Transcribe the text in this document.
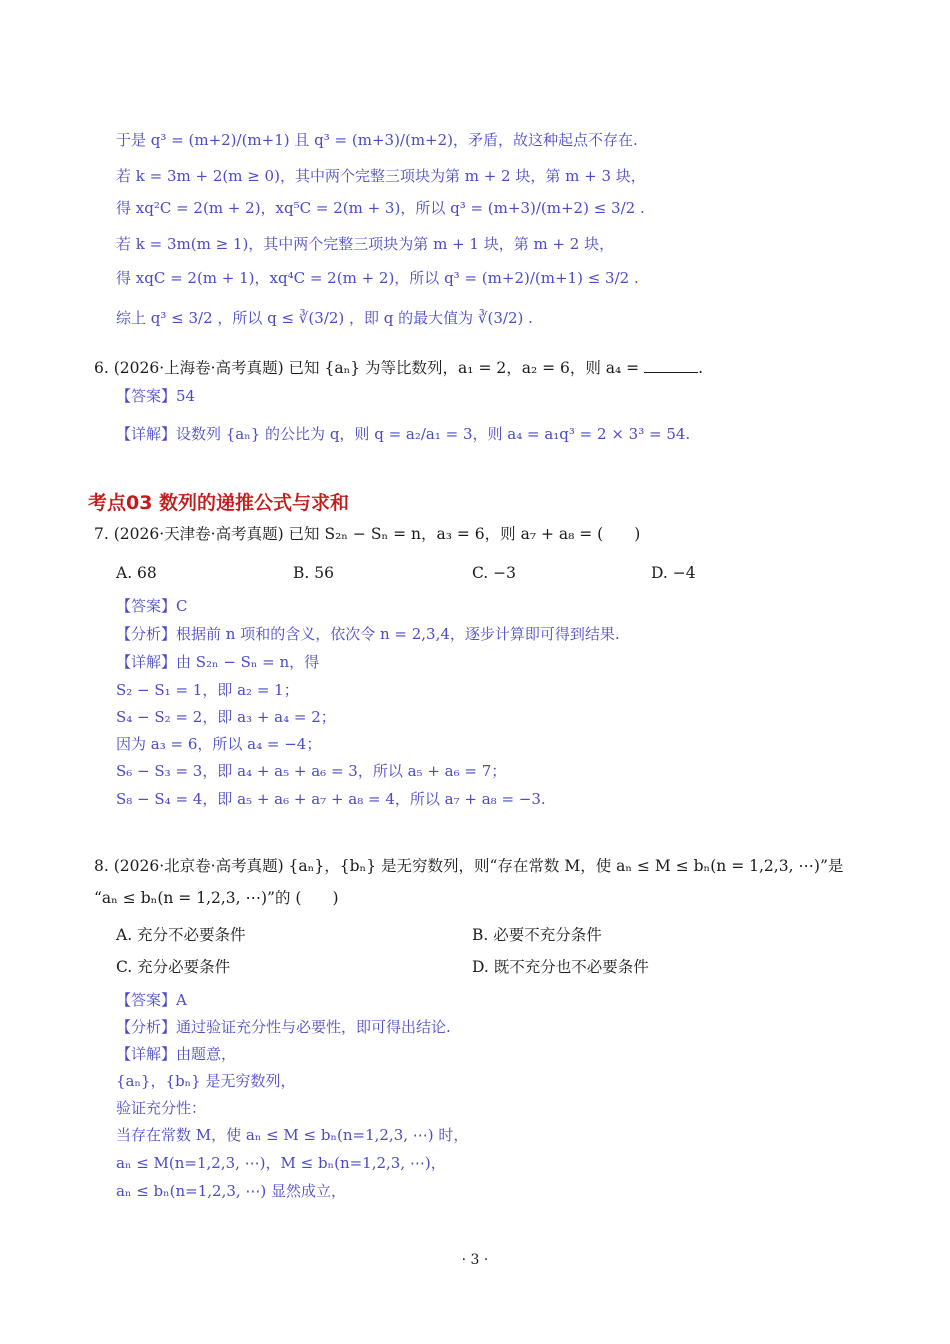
于是 q³ = (m+2)/(m+1) 且 q³ = (m+3)/(m+2)，矛盾，故这种起点不存在.
若 k = 3m + 2(m ≥ 0)，其中两个完整三项块为第 m + 2 块，第 m + 3 块，
得 xq²C = 2(m + 2)，xq⁵C = 2(m + 3)，所以 q³ = (m+3)/(m+2) ≤ 3/2 .
若 k = 3m(m ≥ 1)，其中两个完整三项块为第 m + 1 块，第 m + 2 块，
得 xqC = 2(m + 1)，xq⁴C = 2(m + 2)，所以 q³ = (m+2)/(m+1) ≤ 3/2 .
综上 q³ ≤ 3/2 ，所以 q ≤ ∛(3/2) ，即 q 的最大值为 ∛(3/2) .
6. (2026·上海卷·高考真题) 已知 {aₙ} 为等比数列，a₁ = 2，a₂ = 6，则 a₄ =	.
【答案】54
【详解】设数列 {aₙ} 的公比为 q，则 q = a₂/a₁ = 3，则 a₄ = a₁q³ = 2 × 3³ = 54.
考点03 数列的递推公式与求和
7. (2026·天津卷·高考真题) 已知 S₂ₙ − Sₙ = n，a₃ = 6，则 a₇ + a₈ = (　　)
A. 68	B. 56	C. −3	D. −4
【答案】C
【分析】根据前 n 项和的含义，依次令 n = 2,3,4，逐步计算即可得到结果.
【详解】由 S₂ₙ − Sₙ = n，得
S₂ − S₁ = 1，即 a₂ = 1；
S₄ − S₂ = 2，即 a₃ + a₄ = 2；
因为 a₃ = 6，所以 a₄ = −4；
S₆ − S₃ = 3，即 a₄ + a₅ + a₆ = 3，所以 a₅ + a₆ = 7；
S₈ − S₄ = 4，即 a₅ + a₆ + a₇ + a₈ = 4，所以 a₇ + a₈ = −3.
8. (2026·北京卷·高考真题) {aₙ}，{bₙ} 是无穷数列，则“存在常数 M，使 aₙ ≤ M ≤ bₙ(n = 1,2,3, ⋯)”是
“aₙ ≤ bₙ(n = 1,2,3, ⋯)”的 (　　)
A. 充分不必要条件	B. 必要不充分条件
C. 充分必要条件	D. 既不充分也不必要条件
【答案】A
【分析】通过验证充分性与必要性，即可得出结论.
【详解】由题意，
{aₙ}，{bₙ} 是无穷数列，
验证充分性：
当存在常数 M，使 aₙ ≤ M ≤ bₙ(n=1,2,3, ⋯) 时，
aₙ ≤ M(n=1,2,3, ⋯)，M ≤ bₙ(n=1,2,3, ⋯)，
aₙ ≤ bₙ(n=1,2,3, ⋯) 显然成立，
· 3 ·
